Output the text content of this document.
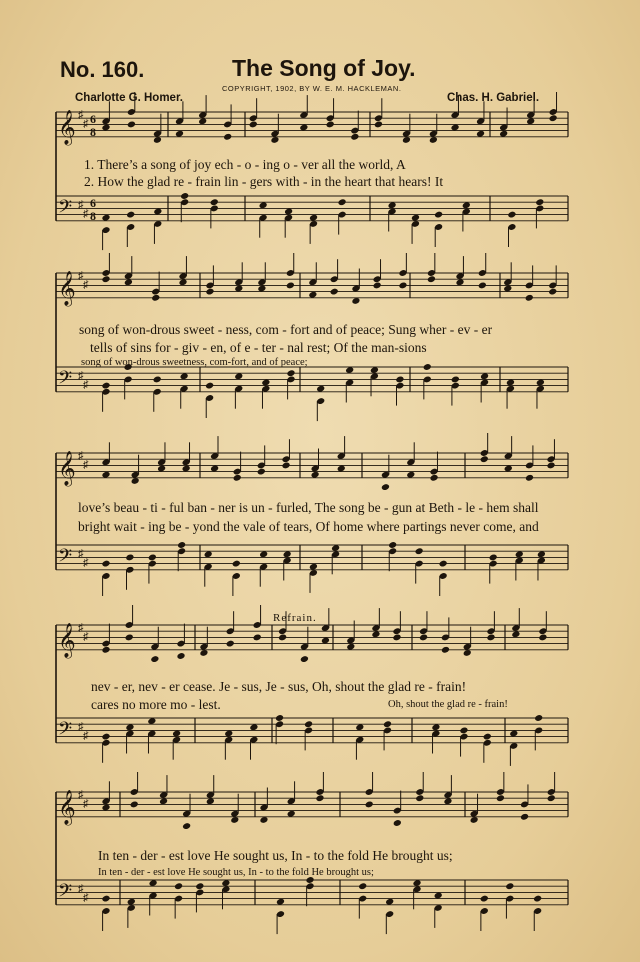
No. 160.	The Song of Joy.
COPYRIGHT, 1902, BY W. E. M. HACKLEMAN.
Charlotte G. Homer.	Chas. H. Gabriel.
𝄞 ♯
♯ 6
8
𝄢 ♯
♯
6
8
𝄞 ♯
♯
𝄢 ♯
♯
𝄞 ♯
♯
𝄢 ♯
♯
𝄞 ♯
♯
𝄢 ♯
♯
𝄞 ♯
♯
𝄢 ♯
♯
1. There’s a song of joy ech - o - ing o - ver all the world, A
2. How the glad re - frain lin - gers with - in the heart that hears! It
song of won-drous sweet - ness, com - fort and of peace; Sung wher - ev - er
tells of sins for - giv - en, of e - ter - nal rest; Of the man-sions
song of won-drous sweetness, com-fort, and of peace;
love’s beau - ti - ful ban - ner is un - furled, The song be - gun at Beth - le - hem shall
bright wait - ing be - yond the vale of tears, Of home where partings never come, and
Refrain.
nev - er, nev - er cease. Je - sus, Je - sus, Oh, shout the glad re - frain!
cares no more mo - lest.	Oh, shout the glad re - frain!
In ten - der - est love He sought us, In - to the fold He brought us;
In ten - der - est love He sought us, In - to the fold He brought us;
